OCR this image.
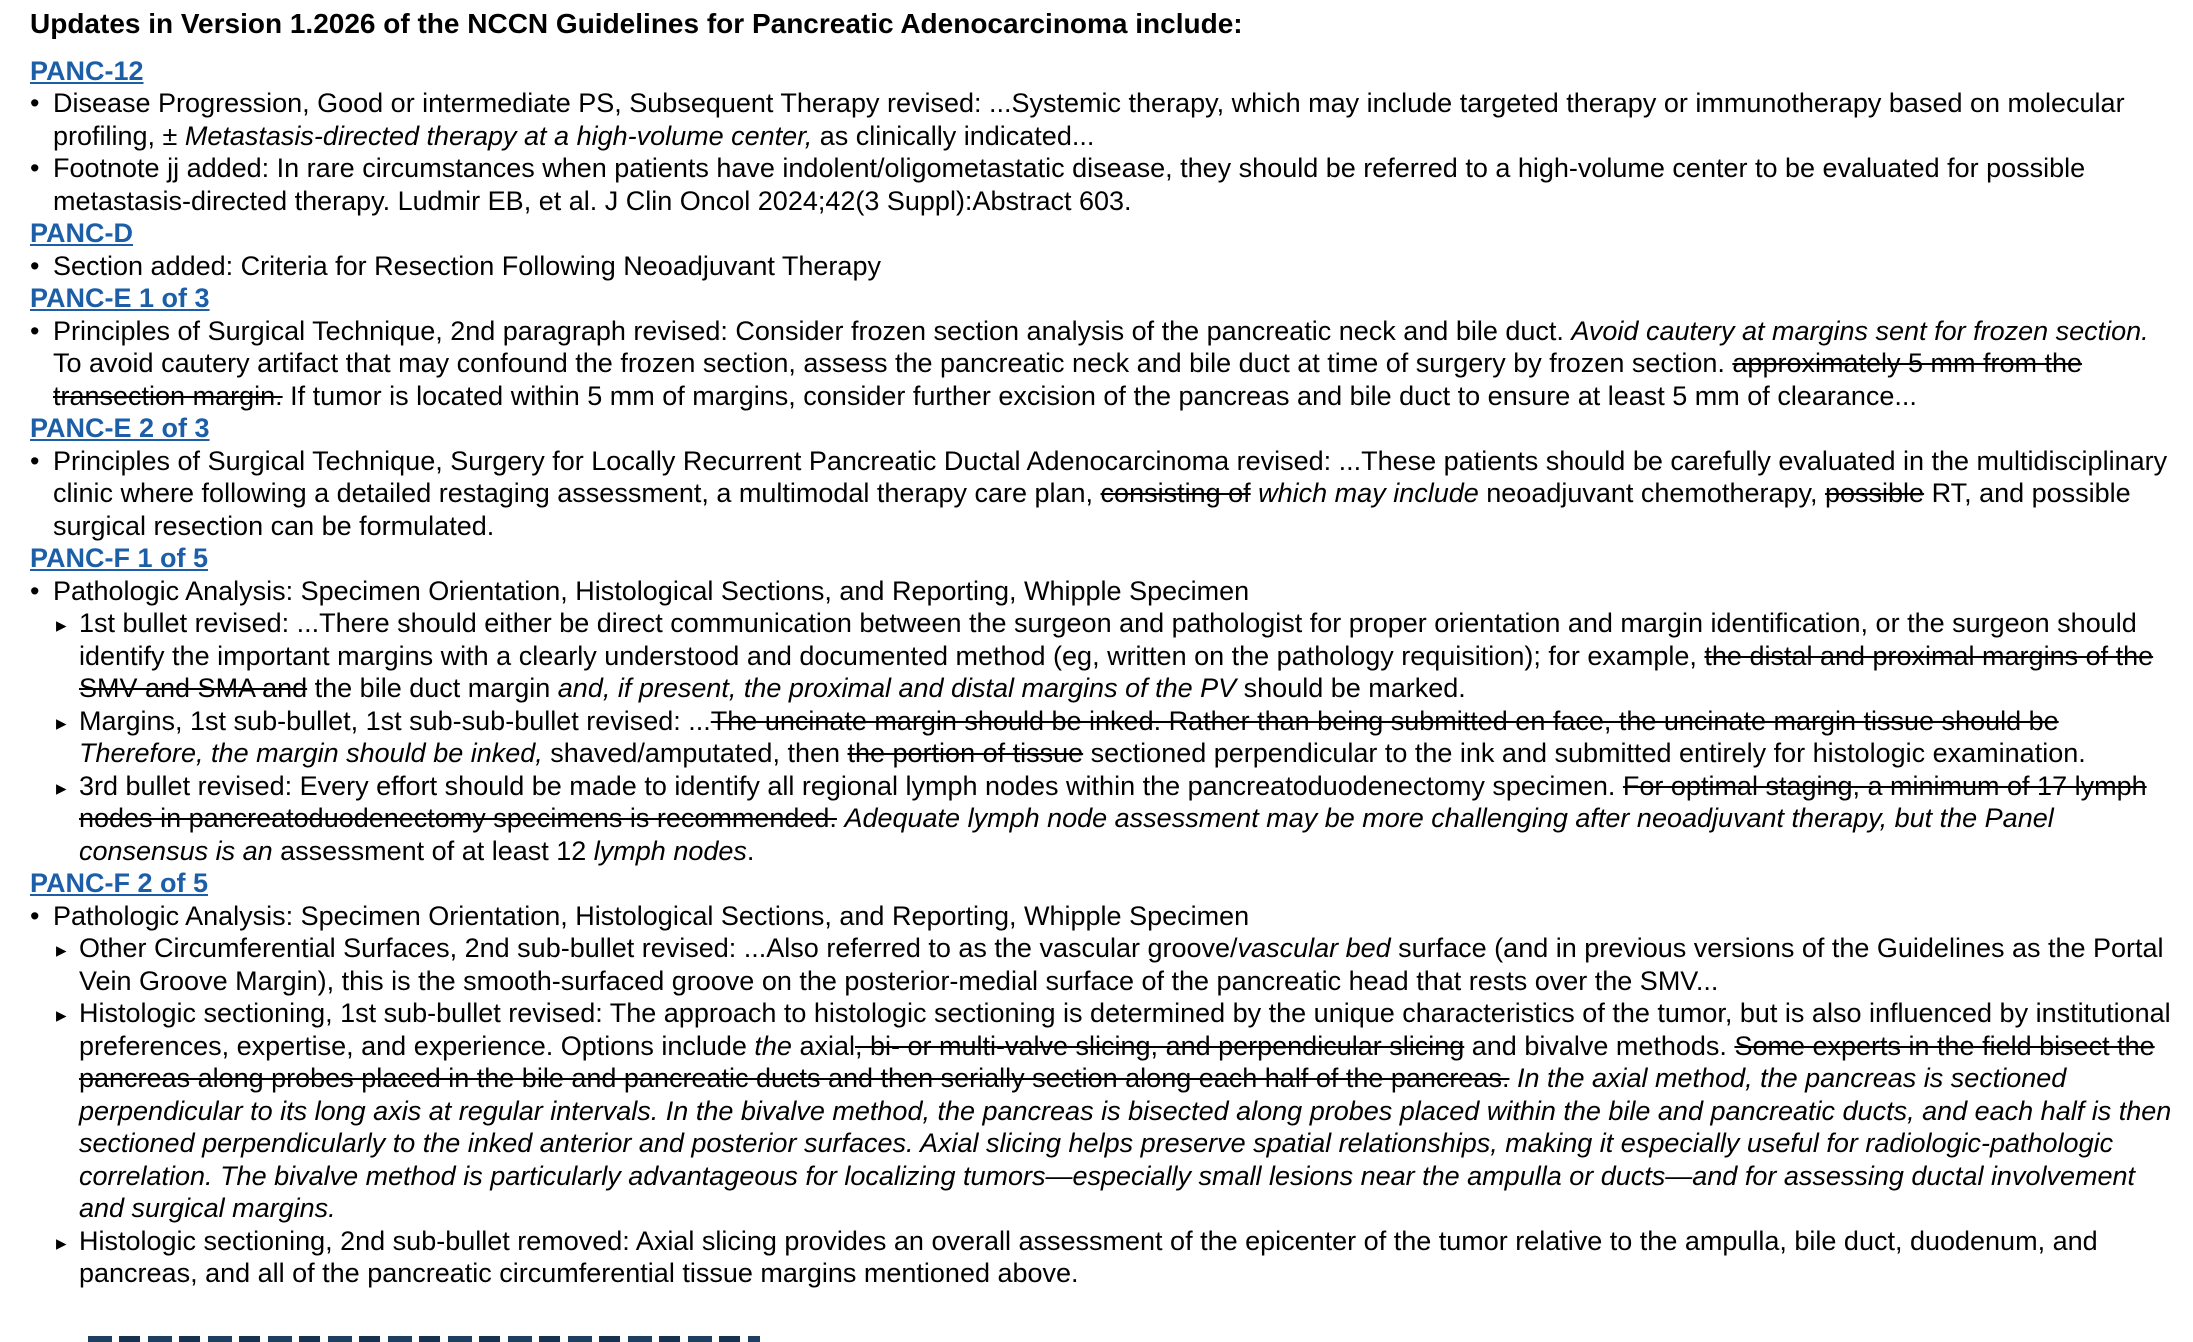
Updates in Version 1.2026 of the NCCN Guidelines for Pancreatic Adenocarcinoma include:
PANC-12
• Disease Progression, Good or intermediate PS, Subsequent Therapy revised: ...Systemic therapy, which may include targeted therapy or immunotherapy based on molecular profiling, ± Metastasis-directed therapy at a high-volume center, as clinically indicated...
• Footnote jj added: In rare circumstances when patients have indolent/oligometastatic disease, they should be referred to a high-volume center to be evaluated for possible metastasis-directed therapy. Ludmir EB, et al. J Clin Oncol 2024;42(3 Suppl):Abstract 603.
PANC-D
• Section added: Criteria for Resection Following Neoadjuvant Therapy
PANC-E 1 of 3
• Principles of Surgical Technique, 2nd paragraph revised: Consider frozen section analysis of the pancreatic neck and bile duct. Avoid cautery at margins sent for frozen section. To avoid cautery artifact that may confound the frozen section, assess the pancreatic neck and bile duct at time of surgery by frozen section. approximately 5 mm from the transection margin. If tumor is located within 5 mm of margins, consider further excision of the pancreas and bile duct to ensure at least 5 mm of clearance...
PANC-E 2 of 3
• Principles of Surgical Technique, Surgery for Locally Recurrent Pancreatic Ductal Adenocarcinoma revised: ...These patients should be carefully evaluated in the multidisciplinary clinic where following a detailed restaging assessment, a multimodal therapy care plan, consisting of which may include neoadjuvant chemotherapy, possible RT, and possible surgical resection can be formulated.
PANC-F 1 of 5
• Pathologic Analysis: Specimen Orientation, Histological Sections, and Reporting, Whipple Specimen
▸ 1st bullet revised: ...There should either be direct communication between the surgeon and pathologist for proper orientation and margin identification, or the surgeon should identify the important margins with a clearly understood and documented method (eg, written on the pathology requisition); for example, the distal and proximal margins of the SMV and SMA and the bile duct margin and, if present, the proximal and distal margins of the PV should be marked.
▸ Margins, 1st sub-bullet, 1st sub-sub-bullet revised: ...The uncinate margin should be inked. Rather than being submitted en face, the uncinate margin tissue should be Therefore, the margin should be inked, shaved/amputated, then the portion of tissue sectioned perpendicular to the ink and submitted entirely for histologic examination.
▸ 3rd bullet revised: Every effort should be made to identify all regional lymph nodes within the pancreatoduodenectomy specimen. For optimal staging, a minimum of 17 lymph nodes in pancreatoduodenectomy specimens is recommended. Adequate lymph node assessment may be more challenging after neoadjuvant therapy, but the Panel consensus is an assessment of at least 12 lymph nodes.
PANC-F 2 of 5
• Pathologic Analysis: Specimen Orientation, Histological Sections, and Reporting, Whipple Specimen
▸ Other Circumferential Surfaces, 2nd sub-bullet revised: ...Also referred to as the vascular groove/vascular bed surface (and in previous versions of the Guidelines as the Portal Vein Groove Margin), this is the smooth-surfaced groove on the posterior-medial surface of the pancreatic head that rests over the SMV...
▸ Histologic sectioning, 1st sub-bullet revised: The approach to histologic sectioning is determined by the unique characteristics of the tumor, but is also influenced by institutional preferences, expertise, and experience. Options include the axial, bi- or multi-valve slicing, and perpendicular slicing and bivalve methods. Some experts in the field bisect the pancreas along probes placed in the bile and pancreatic ducts and then serially section along each half of the pancreas. In the axial method, the pancreas is sectioned perpendicular to its long axis at regular intervals. In the bivalve method, the pancreas is bisected along probes placed within the bile and pancreatic ducts, and each half is then sectioned perpendicularly to the inked anterior and posterior surfaces. Axial slicing helps preserve spatial relationships, making it especially useful for radiologic-pathologic correlation. The bivalve method is particularly advantageous for localizing tumors—especially small lesions near the ampulla or ducts—and for assessing ductal involvement and surgical margins.
▸ Histologic sectioning, 2nd sub-bullet removed: Axial slicing provides an overall assessment of the epicenter of the tumor relative to the ampulla, bile duct, duodenum, and pancreas, and all of the pancreatic circumferential tissue margins mentioned above.
